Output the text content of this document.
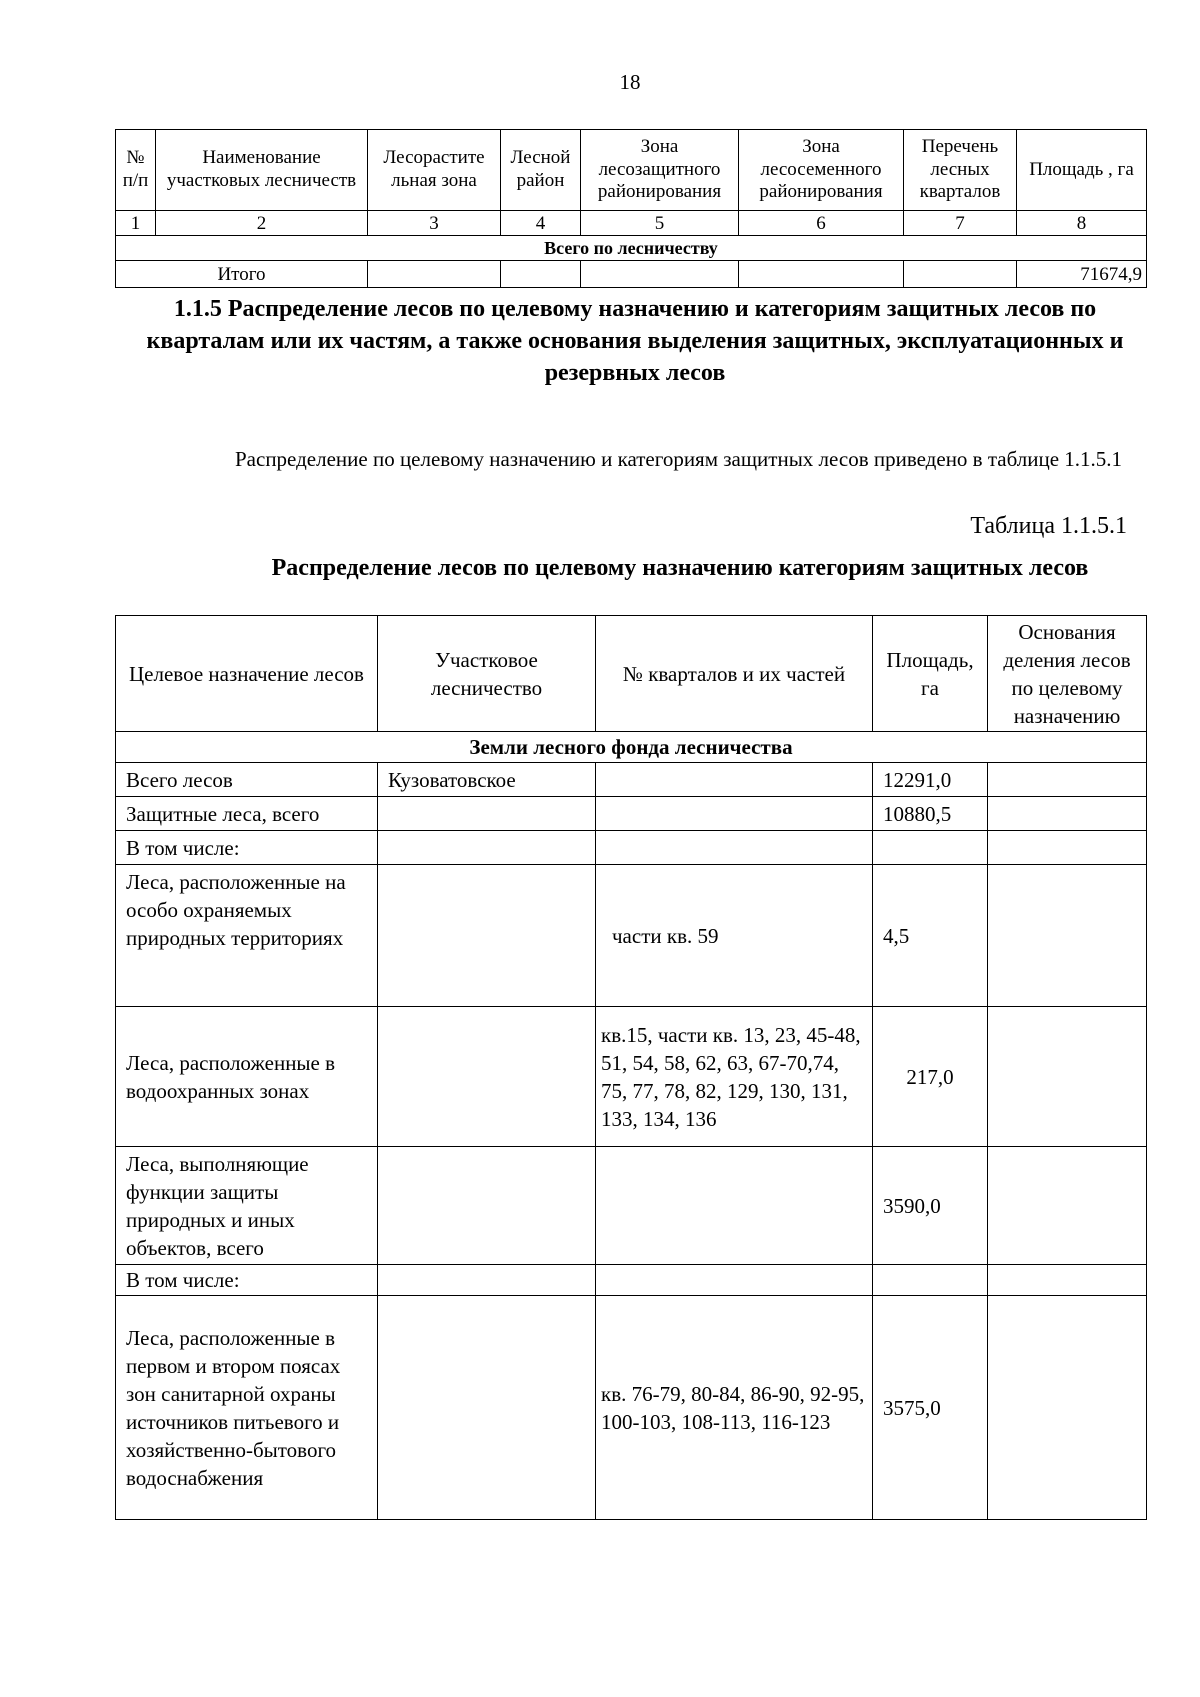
18
№ п/п	Наименование участковых лесничеств	Лесорастите льная зона	Лесной район	Зона лесозащитного районирования	Зона лесосеменного районирования	Перечень лесных кварталов	Площадь , га
1	2	3	4	5	6	7	8
Всего по лесничеству							
Итого							71674,9
1.1.5 Распределение лесов по целевому назначению и категориям защитных лесов по кварталам или их частям, а также основания выделения защитных, эксплуатационных и резервных лесов
Распределение по целевому назначению и категориям защитных лесов приведено в таблице 1.1.5.1
Таблица 1.1.5.1
Распределение лесов по целевому назначению категориям защитных лесов
Целевое назначение лесов	Участковое лесничество	№ кварталов и их частей	Площадь, га	Основания деления лесов по целевому назначению
Земли лесного фонда лесничества				
Всего лесов	Кузоватовское		12291,0	
Защитные леса, всего			10880,5	
В том числе:				
Леса, расположенные на особо охраняемых природных территориях		части кв. 59	4,5	
Леса, расположенные в водоохранных зонах		кв.15, части кв. 13, 23, 45-48, 51, 54, 58, 62, 63, 67-70,74, 75, 77, 78, 82, 129, 130, 131, 133, 134, 136	217,0	
Леса, выполняющие функции защиты природных и иных объектов, всего			3590,0	
В том числе:				
Леса, расположенные в первом и втором поясах зон санитарной охраны источников питьевого и хозяйственно-бытового водоснабжения		кв. 76-79, 80-84, 86-90, 92-95, 100-103, 108-113, 116-123	3575,0	
